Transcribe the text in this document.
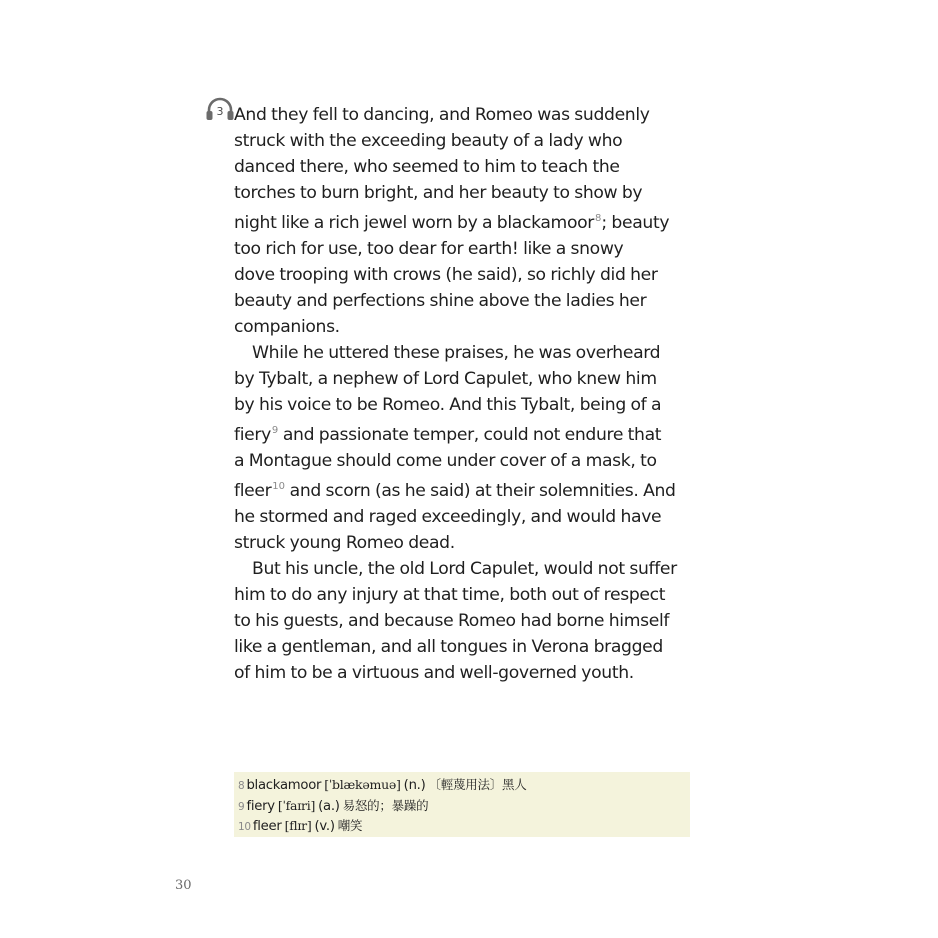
3 And they fell to dancing, and Romeo was suddenly
struck with the exceeding beauty of a lady who
danced there, who seemed to him to teach the
torches to burn bright, and her beauty to show by
night like a rich jewel worn by a blackamoor$^8$; beauty
too rich for use, too dear for earth! like a snowy
dove trooping with crows (he said), so richly did her
beauty and perfections shine above the ladies her
companions.
While he uttered these praises, he was overheard
by Tybalt, a nephew of Lord Capulet, who knew him
by his voice to be Romeo. And this Tybalt, being of a
fiery$^9$ and passionate temper, could not endure that
a Montague should come under cover of a mask, to
fleer$^{10}$ and scorn (as he said) at their solemnities. And
he stormed and raged exceedingly, and would have
struck young Romeo dead.
But his uncle, the old Lord Capulet, would not suffer
him to do any injury at that time, both out of respect
to his guests, and because Romeo had borne himself
like a gentleman, and all tongues in Verona bragged
of him to be a virtuous and well-governed youth.
8 blackamoor [ˈblækəmuə] (n.) 〔輕蔑用法〕黑人
9 fiery [ˈfaɪri] (a.) 易怒的；暴躁的
10 fleer [flɪr] (v.) 嘲笑
30
